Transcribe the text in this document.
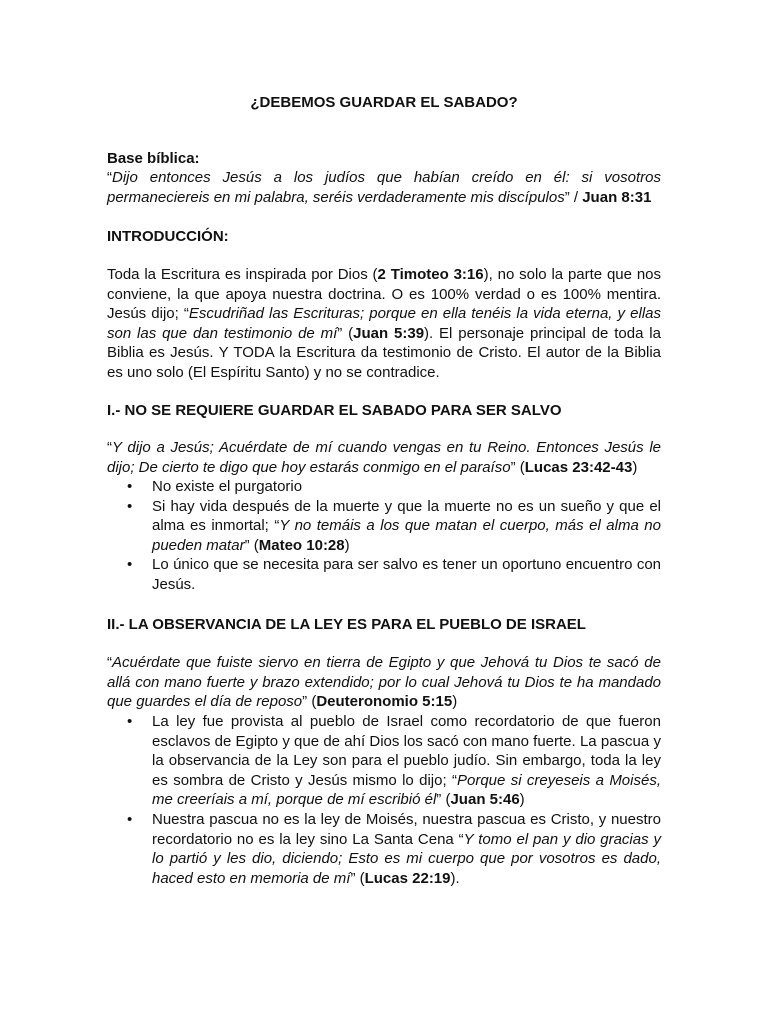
¿DEBEMOS GUARDAR EL SABADO?
Base bíblica:
“Dijo entonces Jesús a los judíos que habían creído en él: si vosotros permaneciereis en mi palabra, seréis verdaderamente mis discípulos” / Juan 8:31
INTRODUCCIÓN:
Toda la Escritura es inspirada por Dios (2 Timoteo 3:16), no solo la parte que nos conviene, la que apoya nuestra doctrina. O es 100% verdad o es 100% mentira. Jesús dijo; “Escudriñad las Escrituras; porque en ella tenéis la vida eterna, y ellas son las que dan testimonio de mí” (Juan 5:39). El personaje principal de toda la Biblia es Jesús. Y TODA la Escritura da testimonio de Cristo. El autor de la Biblia es uno solo (El Espíritu Santo) y no se contradice.
I.- NO SE REQUIERE GUARDAR EL SABADO PARA SER SALVO
“Y dijo a Jesús; Acuérdate de mí cuando vengas en tu Reino. Entonces Jesús le dijo; De cierto te digo que hoy estarás conmigo en el paraíso” (Lucas 23:42-43)
• No existe el purgatorio
• Si hay vida después de la muerte y que la muerte no es un sueño y que el alma es inmortal; “Y no temáis a los que matan el cuerpo, más el alma no pueden matar” (Mateo 10:28)
• Lo único que se necesita para ser salvo es tener un oportuno encuentro con Jesús.
II.- LA OBSERVANCIA DE LA LEY ES PARA EL PUEBLO DE ISRAEL
“Acuérdate que fuiste siervo en tierra de Egipto y que Jehová tu Dios te sacó de allá con mano fuerte y brazo extendido; por lo cual Jehová tu Dios te ha mandado que guardes el día de reposo” (Deuteronomio 5:15)
• La ley fue provista al pueblo de Israel como recordatorio de que fueron esclavos de Egipto y que de ahí Dios los sacó con mano fuerte. La pascua y la observancia de la Ley son para el pueblo judío. Sin embargo, toda la ley es sombra de Cristo y Jesús mismo lo dijo; “Porque si creyeseis a Moisés, me creeríais a mí, porque de mí escribió él” (Juan 5:46)
• Nuestra pascua no es la ley de Moisés, nuestra pascua es Cristo, y nuestro recordatorio no es la ley sino La Santa Cena “Y tomo el pan y dio gracias y lo partió y les dio, diciendo; Esto es mi cuerpo que por vosotros es dado, haced esto en memoria de mí” (Lucas 22:19).
